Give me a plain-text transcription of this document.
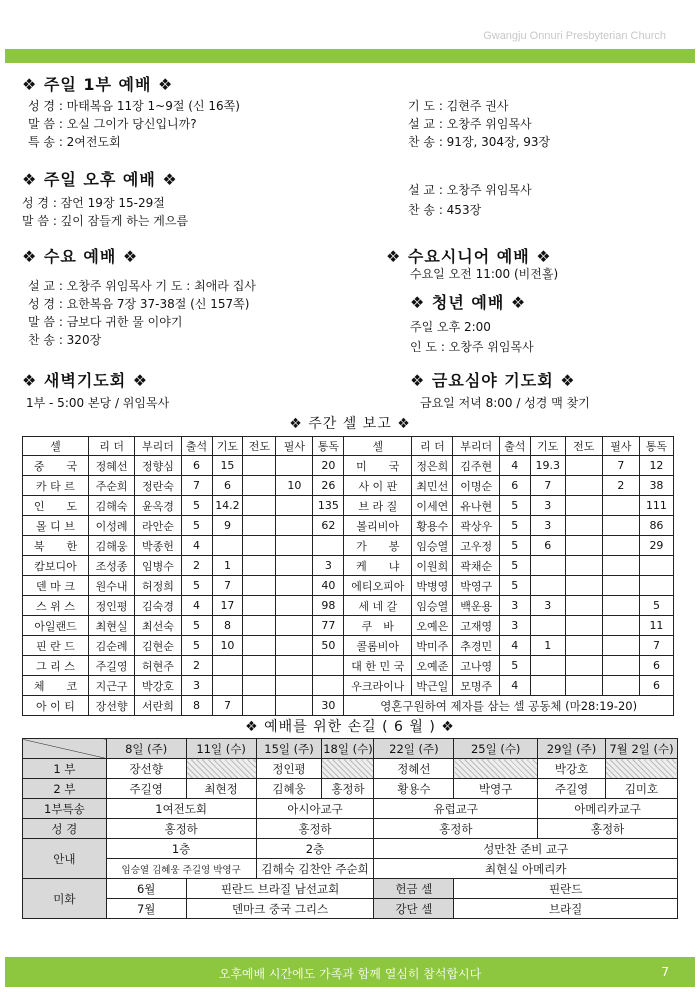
Gwangju Onnuri Presbyterian Church
❖ 주일 1부 예배 ❖
성 경 : 마태복음 11장 1~9절 (신 16쪽)
말 씀 : 오실 그이가 당신입니까?
특 송 : 2여전도회
기 도 : 김현주 권사
설 교 : 오창주 위임목사
찬 송 : 91장, 304장, 93장
❖ 주일 오후 예배 ❖
성 경 : 잠언 19장 15-29절
말 씀 : 깊이 잠들게 하는 게으름
설 교 : 오창주 위임목사
찬 송 : 453장
❖ 수요 예배 ❖
설 교 : 오창주 위임목사 기 도 : 최애라 집사
성 경 : 요한복음 7장 37-38절 (신 157쪽)
말 씀 : 금보다 귀한 물 이야기
찬 송 : 320장
❖ 수요시니어 예배 ❖
수요일 오전 11:00 (비전홀)
❖ 청년 예배 ❖
주일 오후 2:00
인 도 : 오창주 위임목사
❖ 새벽기도회 ❖
1부 - 5:00 본당 / 위임목사
❖ 금요심야 기도회 ❖
금요일 저녁 8:00 / 성경 맥 찾기
❖ 주간 셀 보고 ❖
셀	리 더	부리더	출석	기도	전도	필사	통독	셀	리 더	부리더	출석	기도	전도	필사	통독
중　　국	정혜선	정향심	6	15			20	미　　국	정은희	김주현	4	19.3		7	12
카 타 르	주순희	정란숙	7	6		10	26	사 이 판	최민선	이명순	6	7		2	38
인　　도	김해숙	윤옥경	5	14.2			135	브 라 질	이세연	유나현	5	3			111
몰 디 브	이성례	라안순	5	9			62	볼리비아	황용수	곽상우	5	3			86
북　　한	김해웅	박종헌	4					가　　봉	임승열	고우정	5	6			29
캄보디아	조성종	임병수	2	1			3	케　　냐	이원희	곽채순	5				
덴 마 크	원수내	허정희	5	7			40	에티오피아	박병영	박영구	5				
스 위 스	정인평	김숙경	4	17			98	세 네 갈	임승열	백운용	3	3			5
아일랜드	최현실	최선숙	5	8			77	쿠　바	오예은	고재영	3				11
핀 란 드	김순례	김현순	5	10			50	콜롬비아	박미주	추경민	4	1			7
그 리 스	주길영	허현주	2					대 한 민 국	오예준	고나영	5				6
체　　코	지근구	박강호	3					우크라이나	박근일	모명주	4				6
아 이 티	장선향	서란희	8	7			30	영혼구원하여 제자를 삼는 셀 공동체 (마28:19-20)							
❖ 예배를 위한 손길 ( 6 월 ) ❖
	8일 (주)	11일 (수)	15일 (주)	18일 (수)	22일 (주)	25일 (수)	29일 (주)	7월 2일 (수)
1 부	장선향		정인평		정혜선		박강호	
2 부	주길영	최현정	김혜웅	홍정하	황용수	박영구	주길영	김미호
1부특송	1여전도회		아시아교구		유럽교구		아메리카교구	
성 경	홍정하		홍정하		홍정하		홍정하	
안내	1층		2층		성만찬 준비 교구			
	임승열 김혜웅 주길영 박영구		김해숙 김찬안 주순희		최현실 아메리카			
미화	6월	핀란드 브라질 남선교회			헌금 셀	핀란드		
	7월	덴마크 중국 그리스			강단 셀	브라질		
오후예배 시간에도 가족과 함께 열심히 참석합시다	7
